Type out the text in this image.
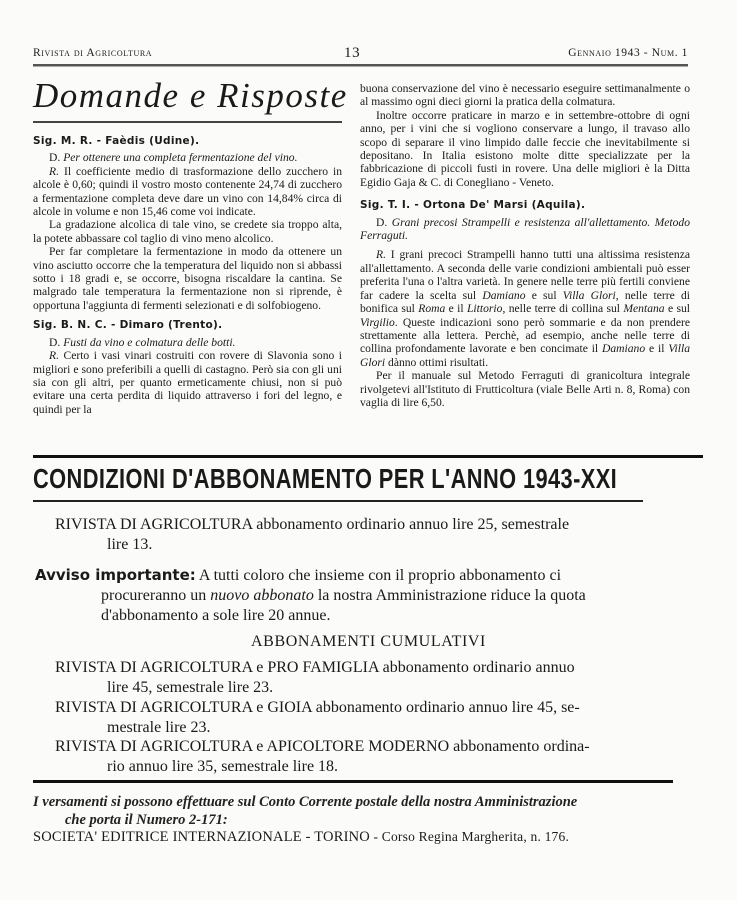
Rivista di Agricoltura	13	Gennaio 1943 - Num. 1
Domande e Risposte

Sig. M. R. - Faèdis (Udine).

D. Per ottenere una completa fermentazione del vino.

R. Il coefficiente medio di trasformazione dello zucchero in alcole è 0,60; quindi il vostro mosto contenente 24,74 di zucchero a fermentazione completa deve dare un vino con 14,84% circa di alcole in volume e non 15,46 come voi indicate.

La gradazione alcolica di tale vino, se credete sia troppo alta, la potete abbassare col taglio di vino meno alcolico.

Per far completare la fermentazione in modo da ottenere un vino asciutto occorre che la temperatura del liquido non si abbassi sotto i 18 gradi e, se occorre, bisogna riscaldare la cantina. Se malgrado tale temperatura la fermentazione non si riprende, è opportuna l'aggiunta di fermenti selezionati e di solfobiogeno.

Sig. B. N. C. - Dimaro (Trento).

D. Fusti da vino e colmatura delle botti.

R. Certo i vasi vinari costruiti con rovere di Slavonia sono i migliori e sono preferibili a quelli di castagno. Però sia con gli uni sia con gli altri, per quanto ermeticamente chiusi, non si può evitare una certa perdita di liquido attraverso i fori del legno, e quindi per la

buona conservazione del vino è necessario eseguire settimanalmente o al massimo ogni dieci giorni la pratica della colmatura.

Inoltre occorre praticare in marzo e in settembre-ottobre di ogni anno, per i vini che si vogliono conservare a lungo, il travaso allo scopo di separare il vino limpido dalle feccie che inevitabilmente si depositano. In Italia esistono molte ditte specializzate per la fabbricazione di piccoli fusti in rovere. Una delle migliori è la Ditta Egidio Gaja & C. di Conegliano - Veneto.

Sig. T. I. - Ortona De' Marsi (Aquila).

D. Grani precosi Strampelli e resistenza all'allettamento. Metodo Ferraguti.

R. I grani precoci Strampelli hanno tutti una altissima resistenza all'allettamento. A seconda delle varie condizioni ambientali può esser preferita l'una o l'altra varietà. In genere nelle terre più fertili conviene far cadere la scelta sul Damiano e sul Villa Glori, nelle terre di bonifica sul Roma e il Littorio, nelle terre di collina sul Mentana e sul Virgilio. Queste indicazioni sono però sommarie e da non prendere strettamente alla lettera. Perchè, ad esempio, anche nelle terre di collina profondamente lavorate e ben concimate il Damiano e il Villa Glori dànno ottimi risultati.

Per il manuale sul Metodo Ferraguti di granicoltura integrale rivolgetevi all'Istituto di Frutticoltura (viale Belle Arti n. 8, Roma) con vaglia di lire 6,50.

CONDIZIONI D'ABBONAMENTO PER L'ANNO 1943-XXI
RIVISTA DI AGRICOLTURA abbonamento ordinario annuo lire 25, semestrale
lire 13.
Avviso importante: A tutti coloro che insieme con il proprio abbonamento ci
procureranno un nuovo abbonato la nostra Amministrazione riduce la quota
d'abbonamento a sole lire 20 annue.
ABBONAMENTI CUMULATIVI
RIVISTA DI AGRICOLTURA e PRO FAMIGLIA abbonamento ordinario annuo
lire 45, semestrale lire 23.
RIVISTA DI AGRICOLTURA e GIOIA abbonamento ordinario annuo lire 45, se-
mestrale lire 23.
RIVISTA DI AGRICOLTURA e APICOLTORE MODERNO abbonamento ordina-
rio annuo lire 35, semestrale lire 18.
I versamenti si possono effettuare sul Conto Corrente postale della nostra Amministrazione
che porta il Numero 2-171:
SOCIETA' EDITRICE INTERNAZIONALE - TORINO - Corso Regina Margherita, n. 176.
